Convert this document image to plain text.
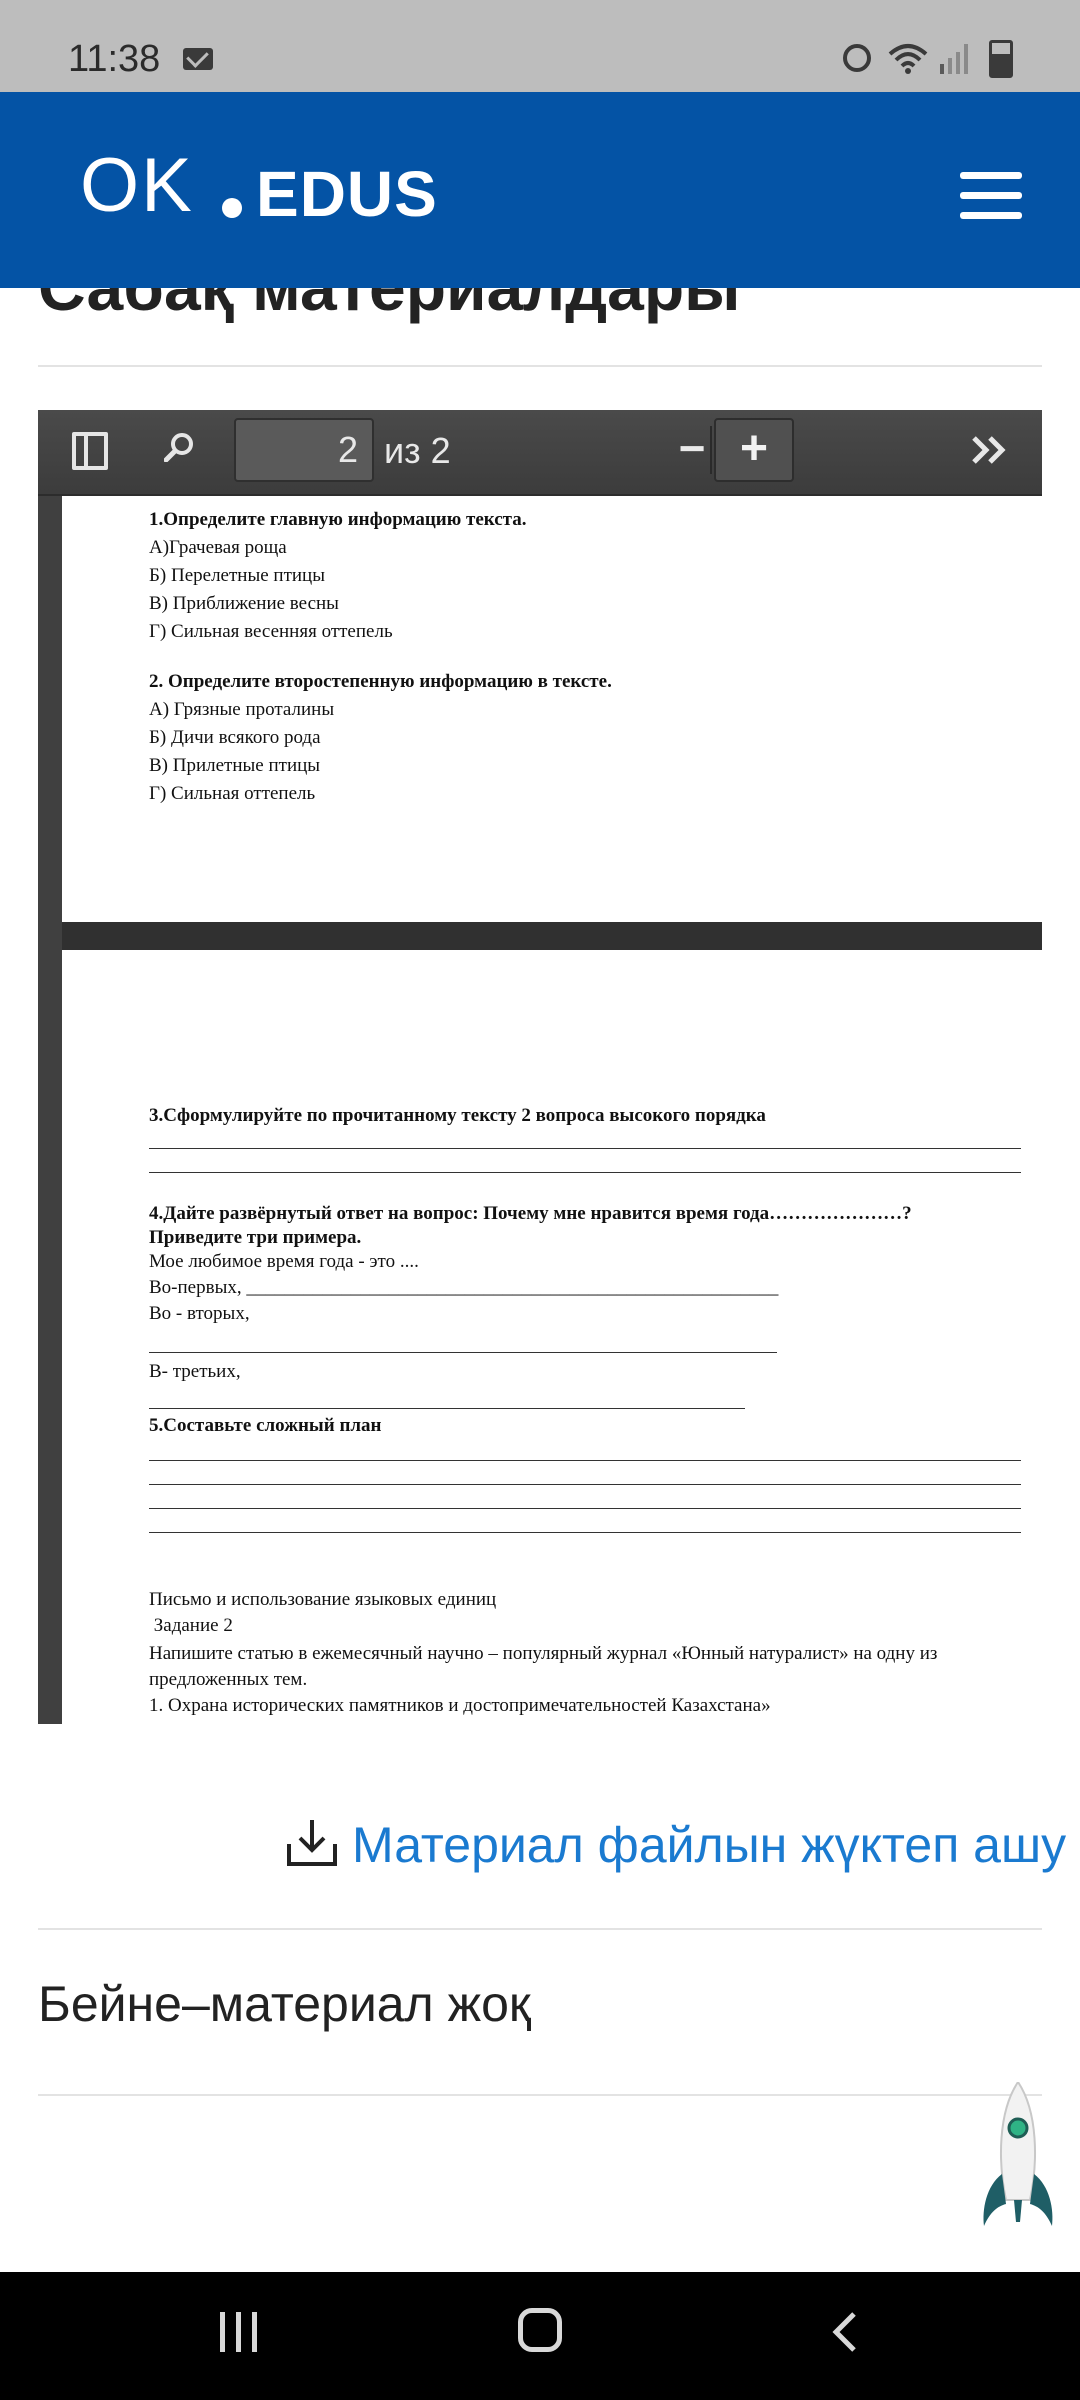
11:38
OK EDUS
2 из 2	− +
1.Определите главную информацию текста.
А)Грачевая роща
Б) Перелетные птицы
В) Приближение весны
Г) Сильная весенняя оттепель
2. Определите второстепенную информацию в тексте.
А) Грязные проталины
Б) Дичи всякого рода
В) Прилетные птицы
Г) Сильная оттепель
3.Сформулируйте по прочитанному тексту 2 вопроса высокого порядка
4.Дайте развёрнутый ответ на вопрос: Почему мне нравится время года…………………?
Приведите три примера.
Мое любимое время года - это ....
Во-первых, ________________________________________________________
Во - вторых,
В- третьих,
5.Составьте сложный план
Письмо и использование языковых единиц
Задание 2
Напишите статью в ежемесячный научно – популярный журнал «Юнный натуралист» на одну из
предложенных тем.
1. Охрана исторических памятников и достопримечательностей Казахстана»
Материал файлын жүктеп ашу
Бейне–материал жоқ
